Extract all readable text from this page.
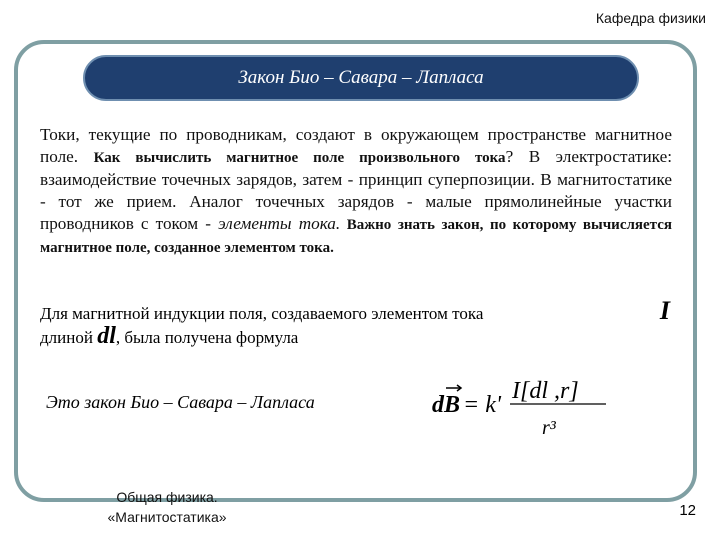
Кафедра физики
Закон Био – Савара – Лапласа
Токи, текущие по проводникам, создают в окружающем пространстве магнитное поле. Как вычислить магнитное поле произвольного тока? В электростатике: взаимодействие точечных зарядов, затем - принцип суперпозиции. В магнитостатике - тот же прием. Аналог точечных зарядов - малые прямолинейные участки проводников с током - элементы тока. Важно знать закон, по которому вычисляется магнитное поле, созданное элементом тока.
Для магнитной индукции поля, создаваемого элементом тока	I
длиной dl, была получена формула
Это закон Био – Савара – Лапласа	dB = k'
I[dl ,r]
r³
Общая физика.
«Магнитостатика»	12
